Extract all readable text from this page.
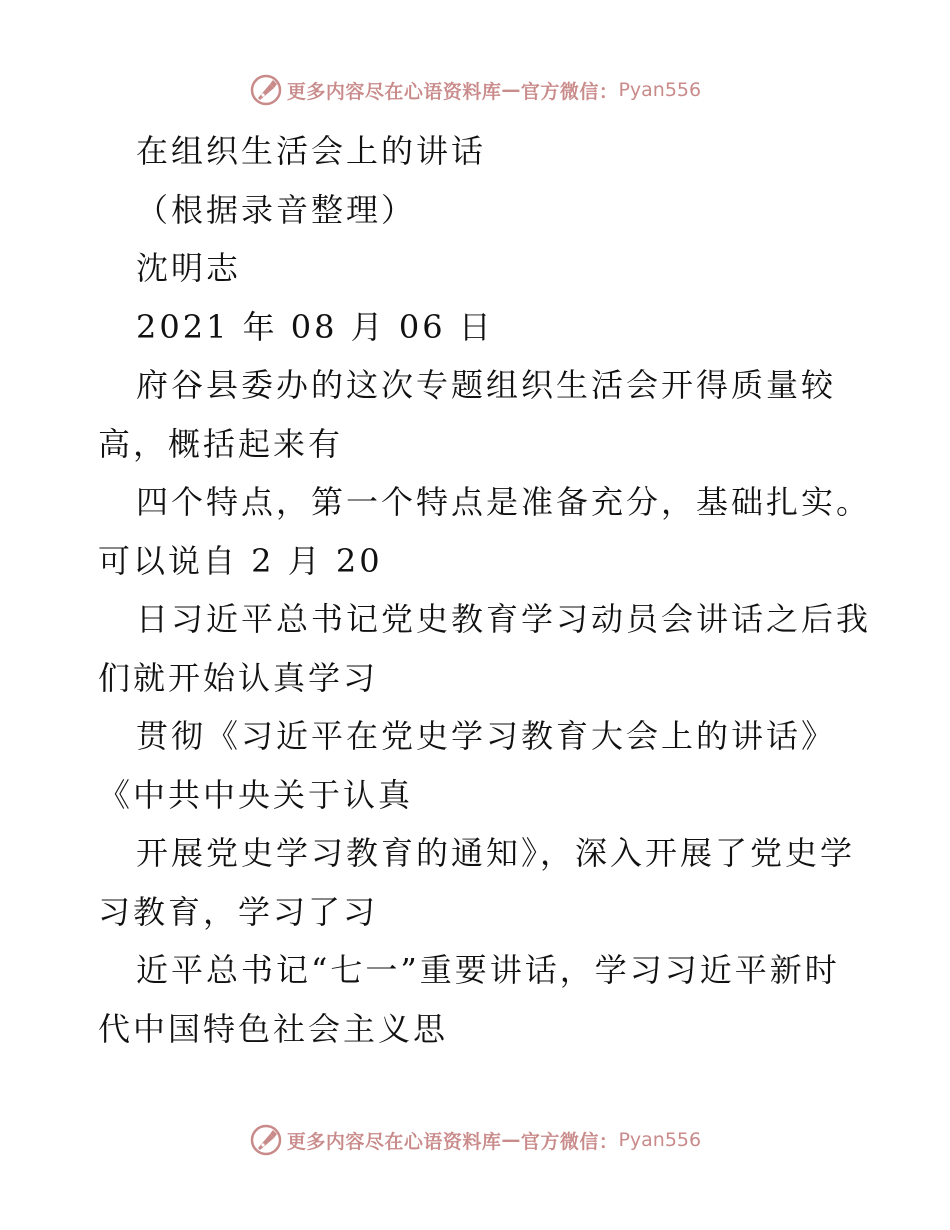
更多内容尽在心语资料库 — 官方微信： Pyan556
在组织生活会上的讲话
（根据录音整理）
沈明志
2021 年 08 月 06 日
府谷县委办的这次专题组织生活会开得质量较
高，概括起来有
四个特点，第一个特点是准备充分，基础扎实。
可以说自 2 月 20
日习近平总书记党史教育学习动员会讲话之后我
们就开始认真学习
贯彻《习近平在党史学习教育大会上的讲话》
《中共中央关于认真
开展党史学习教育的通知》，深入开展了党史学
习教育，学习了习
近平总书记“七一”重要讲话，学习习近平新时
代中国特色社会主义思
更多内容尽在心语资料库 — 官方微信： Pyan556
